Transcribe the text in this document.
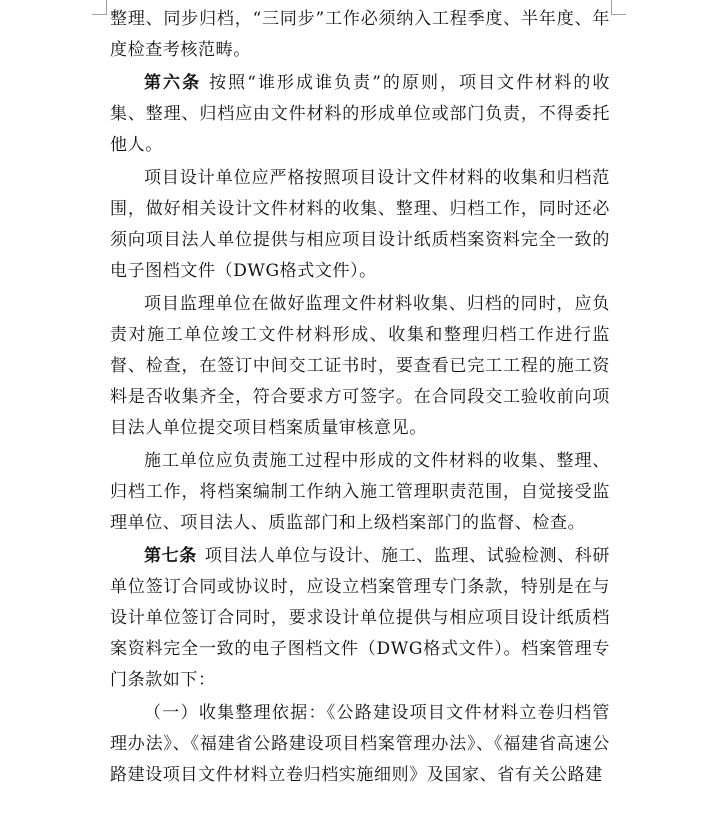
整理、同步归档，“三同步”工作必须纳入工程季度、半年度、年度检查考核范畴。

第六条 按照“谁形成谁负责”的原则，项目文件材料的收集、整理、归档应由文件材料的形成单位或部门负责，不得委托他人。

项目设计单位应严格按照项目设计文件材料的收集和归档范围，做好相关设计文件材料的收集、整理、归档工作，同时还必须向项目法人单位提供与相应项目设计纸质档案资料完全一致的电子图档文件（DWG格式文件）。

项目监理单位在做好监理文件材料收集、归档的同时，应负责对施工单位竣工文件材料形成、收集和整理归档工作进行监督、检查，在签订中间交工证书时，要查看已完工工程的施工资料是否收集齐全，符合要求方可签字。在合同段交工验收前向项目法人单位提交项目档案质量审核意见。

施工单位应负责施工过程中形成的文件材料的收集、整理、归档工作，将档案编制工作纳入施工管理职责范围，自觉接受监理单位、项目法人、质监部门和上级档案部门的监督、检查。

第七条 项目法人单位与设计、施工、监理、试验检测、科研单位签订合同或协议时，应设立档案管理专门条款，特别是在与设计单位签订合同时，要求设计单位提供与相应项目设计纸质档案资料完全一致的电子图档文件（DWG格式文件）。档案管理专门条款如下：

（一）收集整理依据：《公路建设项目文件材料立卷归档管理办法》、《福建省公路建设项目档案管理办法》、《福建省高速公路建设项目文件材料立卷归档实施细则》及国家、省有关公路建
